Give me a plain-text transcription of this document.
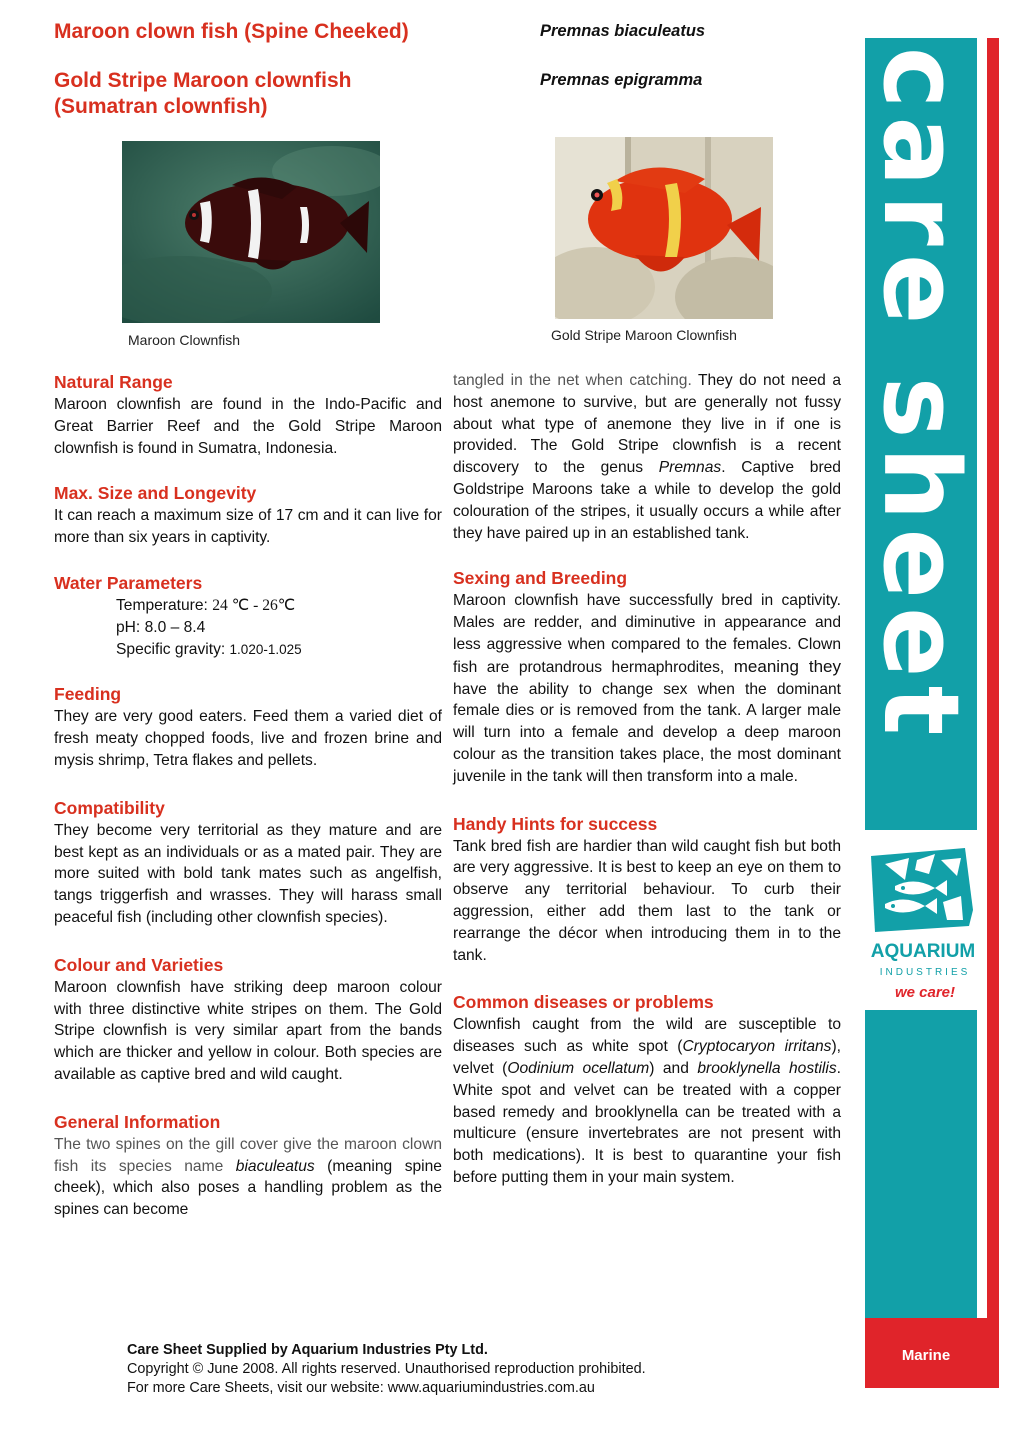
Maroon clown fish (Spine Cheeked)	Premnas biaculeatus
Gold Stripe Maroon clownfish
(Sumatran clownfish)
Premnas epigramma
Maroon Clownfish	Gold Stripe Maroon Clownfish
Natural Range

Maroon clownfish are found in the Indo-Pacific and Great Barrier Reef and the Gold Stripe Maroon clownfish is found in Sumatra, Indonesia.

Max. Size and Longevity

It can reach a maximum size of 17 cm and it can live for more than six years in captivity.

Water Parameters
Temperature: 24 ℃ - 26℃
pH: 8.0 – 8.4
Specific gravity: 1.020-1.025
Feeding

They are very good eaters. Feed them a varied diet of fresh meaty chopped foods, live and frozen brine and mysis shrimp, Tetra flakes and pellets.

Compatibility

They become very territorial as they mature and are best kept as an individuals or as a mated pair. They are more suited with bold tank mates such as angelfish, tangs triggerfish and wrasses. They will harass small peaceful fish (including other clownfish species).

Colour and Varieties

Maroon clownfish have striking deep maroon colour with three distinctive white stripes on them. The Gold Stripe clownfish is very similar apart from the bands which are thicker and yellow in colour. Both species are available as captive bred and wild caught.

General Information

The two spines on the gill cover give the maroon clown fish its species name biaculeatus (meaning spine cheek), which also poses a handling problem as the spines can become

tangled in the net when catching. They do not need a host anemone to survive, but are generally not fussy about what type of anemone they live in if one is provided. The Gold Stripe clownfish is a recent discovery to the genus Premnas. Captive bred Goldstripe Maroons take a while to develop the gold colouration of the stripes, it usually occurs a while after they have paired up in an established tank.

Sexing and Breeding

Maroon clownfish have successfully bred in captivity. Males are redder, and diminutive in appearance and less aggressive when compared to the females. Clown fish are protandrous hermaphrodites, meaning they have the ability to change sex when the dominant female dies or is removed from the tank. A larger male will turn into a female and develop a deep maroon colour as the transition takes place, the most dominant juvenile in the tank will then transform into a male.

Handy Hints for success

Tank bred fish are hardier than wild caught fish but both are very aggressive. It is best to keep an eye on them to observe any territorial behaviour. To curb their aggression, either add them last to the tank or rearrange the décor when introducing them in to the tank.

Common diseases or problems

Clownfish caught from the wild are susceptible to diseases such as white spot (Cryptocaryon irritans), velvet (Oodinium ocellatum) and brooklynella hostilis. White spot and velvet can be treated with a copper based remedy and brooklynella can be treated with a multicure (ensure invertebrates are not present with both medications). It is best to quarantine your fish before putting them in your main system.

care sheet
AQUARIUM
INDUSTRIES
we care!
Marine
Care Sheet Supplied by Aquarium Industries Pty Ltd.
Copyright © June 2008. All rights reserved. Unauthorised reproduction prohibited.
For more Care Sheets, visit our website: www.aquariumindustries.com.au
